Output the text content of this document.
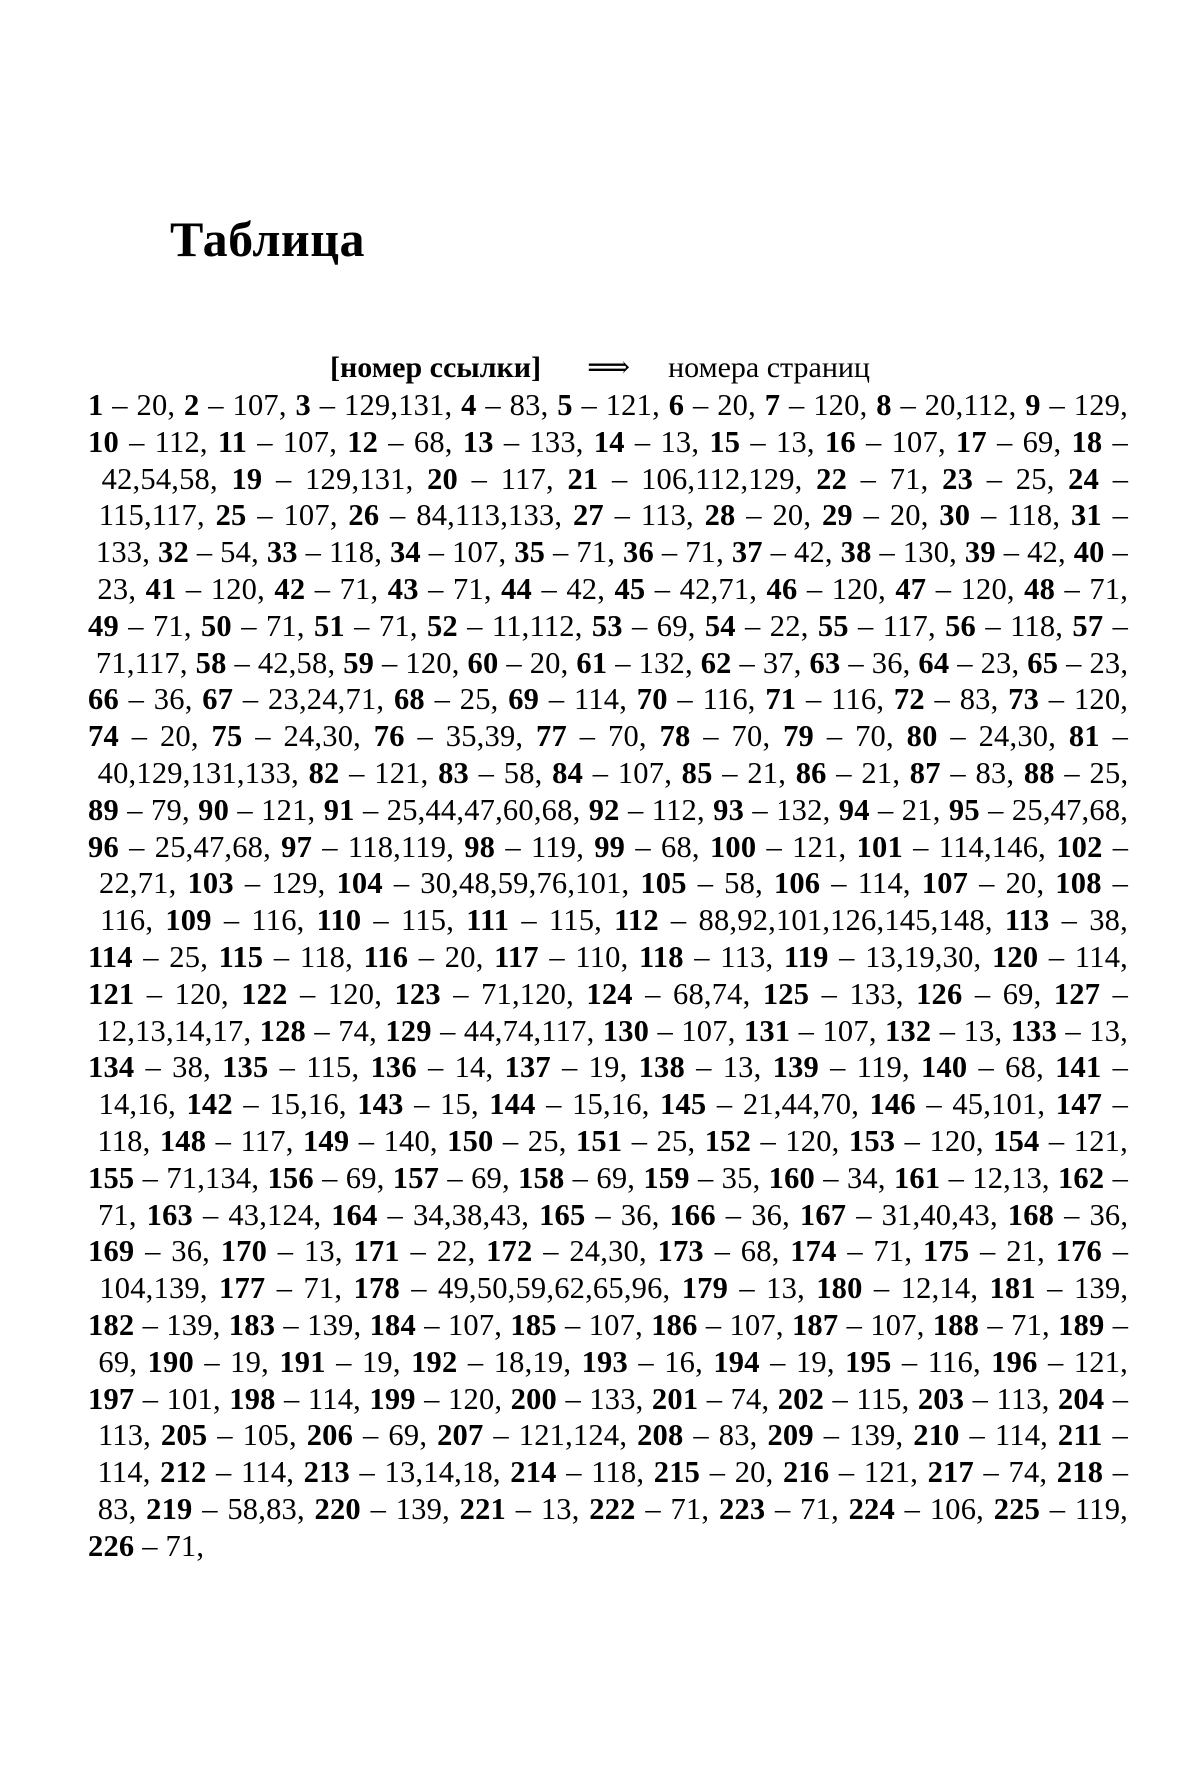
Таблица
[номер ссылки] ⟹ номера страниц

1 – 20, 2 – 107, 3 – 129,131, 4 – 83, 5 – 121, 6 – 20, 7 – 120, 8 – 20,112, 9 – 129, 10 – 112, 11 – 107, 12 – 68, 13 – 133, 14 – 13, 15 – 13, 16 – 107, 17 – 69, 18 – 42,54,58, 19 – 129,131, 20 – 117, 21 – 106,112,129, 22 – 71, 23 – 25, 24 – 115,117, 25 – 107, 26 – 84,113,133, 27 – 113, 28 – 20, 29 – 20, 30 – 118, 31 – 133, 32 – 54, 33 – 118, 34 – 107, 35 – 71, 36 – 71, 37 – 42, 38 – 130, 39 – 42, 40 – 23, 41 – 120, 42 – 71, 43 – 71, 44 – 42, 45 – 42,71, 46 – 120, 47 – 120, 48 – 71, 49 – 71, 50 – 71, 51 – 71, 52 – 11,112, 53 – 69, 54 – 22, 55 – 117, 56 – 118, 57 – 71,117, 58 – 42,58, 59 – 120, 60 – 20, 61 – 132, 62 – 37, 63 – 36, 64 – 23, 65 – 23, 66 – 36, 67 – 23,24,71, 68 – 25, 69 – 114, 70 – 116, 71 – 116, 72 – 83, 73 – 120, 74 – 20, 75 – 24,30, 76 – 35,39, 77 – 70, 78 – 70, 79 – 70, 80 – 24,30, 81 – 40,129,131,133, 82 – 121, 83 – 58, 84 – 107, 85 – 21, 86 – 21, 87 – 83, 88 – 25, 89 – 79, 90 – 121, 91 – 25,44,47,60,68, 92 – 112, 93 – 132, 94 – 21, 95 – 25,47,68, 96 – 25,47,68, 97 – 118,119, 98 – 119, 99 – 68, 100 – 121, 101 – 114,146, 102 – 22,71, 103 – 129, 104 – 30,48,59,76,101, 105 – 58, 106 – 114, 107 – 20, 108 – 116, 109 – 116, 110 – 115, 111 – 115, 112 – 88,92,101,126,145,148, 113 – 38, 114 – 25, 115 – 118, 116 – 20, 117 – 110, 118 – 113, 119 – 13,19,30, 120 – 114, 121 – 120, 122 – 120, 123 – 71,120, 124 – 68,74, 125 – 133, 126 – 69, 127 – 12,13,14,17, 128 – 74, 129 – 44,74,117, 130 – 107, 131 – 107, 132 – 13, 133 – 13, 134 – 38, 135 – 115, 136 – 14, 137 – 19, 138 – 13, 139 – 119, 140 – 68, 141 – 14,16, 142 – 15,16, 143 – 15, 144 – 15,16, 145 – 21,44,70, 146 – 45,101, 147 – 118, 148 – 117, 149 – 140, 150 – 25, 151 – 25, 152 – 120, 153 – 120, 154 – 121, 155 – 71,134, 156 – 69, 157 – 69, 158 – 69, 159 – 35, 160 – 34, 161 – 12,13, 162 – 71, 163 – 43,124, 164 – 34,38,43, 165 – 36, 166 – 36, 167 – 31,40,43, 168 – 36, 169 – 36, 170 – 13, 171 – 22, 172 – 24,30, 173 – 68, 174 – 71, 175 – 21, 176 – 104,139, 177 – 71, 178 – 49,50,59,62,65,96, 179 – 13, 180 – 12,14, 181 – 139, 182 – 139, 183 – 139, 184 – 107, 185 – 107, 186 – 107, 187 – 107, 188 – 71, 189 – 69, 190 – 19, 191 – 19, 192 – 18,19, 193 – 16, 194 – 19, 195 – 116, 196 – 121, 197 – 101, 198 – 114, 199 – 120, 200 – 133, 201 – 74, 202 – 115, 203 – 113, 204 – 113, 205 – 105, 206 – 69, 207 – 121,124, 208 – 83, 209 – 139, 210 – 114, 211 – 114, 212 – 114, 213 – 13,14,18, 214 – 118, 215 – 20, 216 – 121, 217 – 74, 218 – 83, 219 – 58,83, 220 – 139, 221 – 13, 222 – 71, 223 – 71, 224 – 106, 225 – 119, 226 – 71,
